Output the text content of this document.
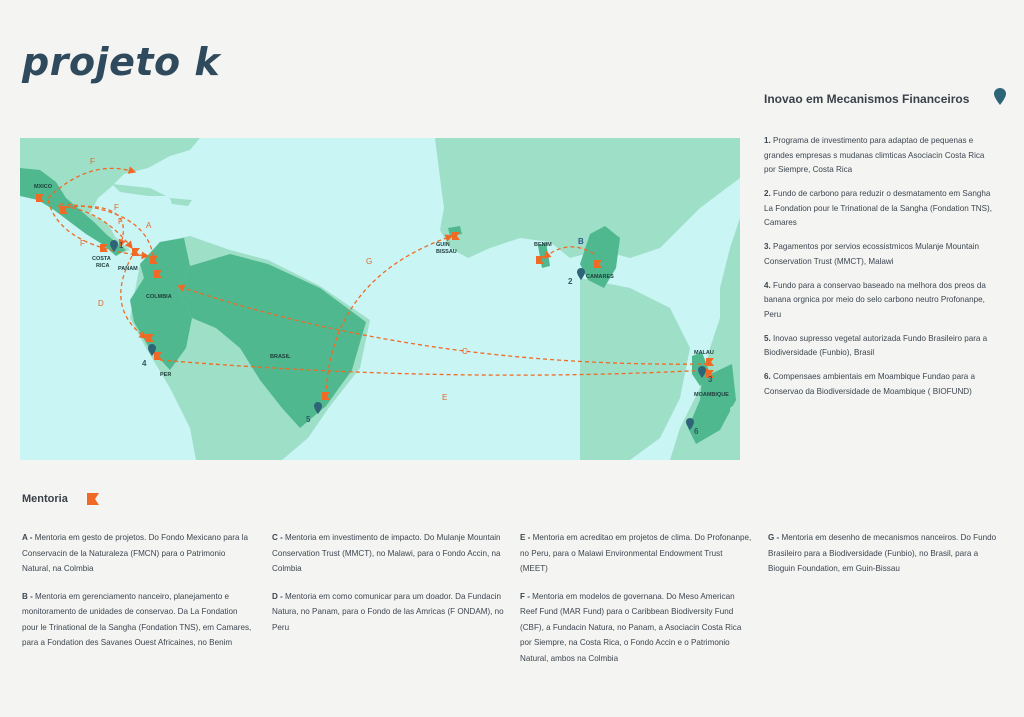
projeto k
Inovao em Mecanismos Financeiros
F
F
F
F	A
D
C
E
G
B
1
2
3
4
5
6
MXICO
COSTA
RICA PANAM
COLMBIA
BRASIL
PER
GUIN
BISSAU
BENIM
CAMARES
MALAU
MOAMBIQUE
1. Programa de investimento para adaptao de pequenas e grandes empresas s mudanas climticas Asociacin Costa Rica por Siempre, Costa Rica
2. Fundo de carbono para reduzir o desmatamento em Sangha La Fondation pour le Trinational de la Sangha (Fondation TNS), Camares
3. Pagamentos por servios ecossistmicos Mulanje Mountain Conservation Trust (MMCT), Malawi
4. Fundo para a conservao baseado na melhora dos preos da banana orgnica por meio do selo carbono neutro Profonanpe, Peru
5. Inovao supresso vegetal autorizada Fundo Brasileiro para a Biodiversidade (Funbio), Brasil
6. Compensaes ambientais em Moambique Fundao para a Conservao da Biodiversidade de Moambique ( BIOFUND)
Mentoria

A - Mentoria em gesto de projetos. Do Fondo Mexicano para la Conservacin de la Naturaleza (FMCN) para o Patrimonio Natural, na Colmbia

B - Mentoria em gerenciamento nanceiro, planejamento e monitoramento de unidades de conservao. Da La Fondation pour le Trinational de la Sangha (Fondation TNS), em Camares, para a Fondation des Savanes Ouest Africaines, no Benim

C - Mentoria em investimento de impacto. Do Mulanje Mountain Conservation Trust (MMCT), no Malawi, para o Fondo Accin, na Colmbia

D - Mentoria em como comunicar para um doador. Da Fundacin Natura, no Panam, para o Fondo de las Amricas (F ONDAM), no Peru

E - Mentoria em acreditao em projetos de clima. Do Profonanpe, no Peru, para o Malawi Environmental Endowment Trust (MEET)

F - Mentoria em modelos de governana. Do Meso American Reef Fund (MAR Fund) para o Caribbean Biodiversity Fund (CBF), a Fundacin Natura, no Panam, a Asociacin Costa Rica por Siempre, na Costa Rica, o Fondo Accin e o Patrimonio Natural, ambos na Colmbia

G - Mentoria em desenho de mecanismos nanceiros. Do Fundo Brasileiro para a Biodiversidade (Funbio), no Brasil, para a Bioguin Foundation, em Guin-Bissau
